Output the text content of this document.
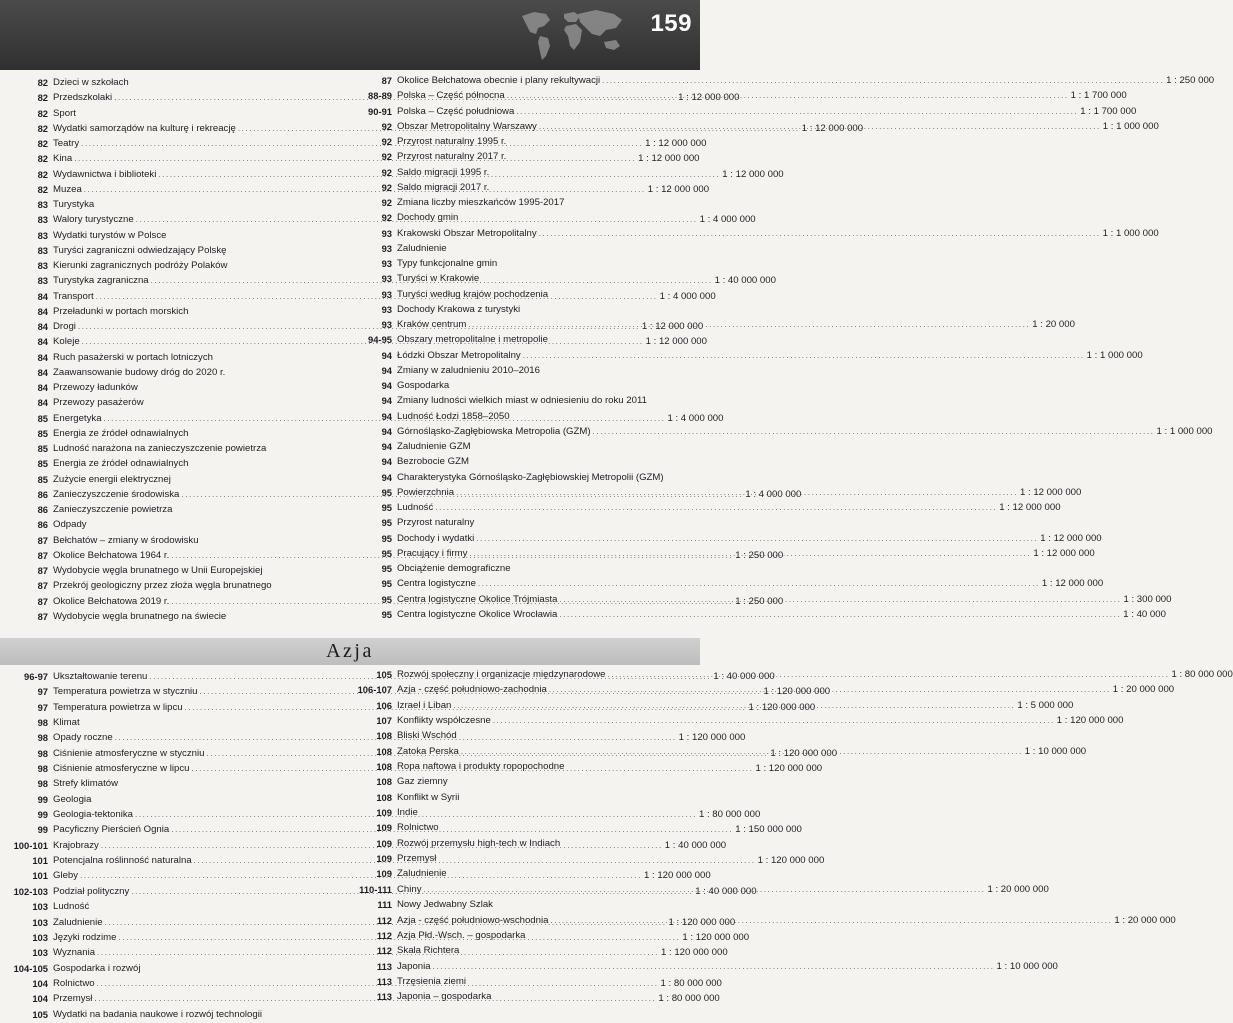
159
82 Dzieci w szkołach
82 Przedszkolaki .....	1 : 12 000 000
82 Sport
82 Wydatki samorządów na kulturę i rekreację .....	1 : 12 000 000
82 Teatry .....	1 : 12 000 000
82 Kina .....	1 : 12 000 000
82 Wydawnictwa i biblioteki .....	1 : 12 000 000
82 Muzea .....	1 : 12 000 000
83 Turystyka
83 Walory turystyczne .....	1 : 4 000 000
83 Wydatki turystów w Polsce
83 Turyści zagraniczni odwiedzający Polskę
83 Kierunki zagranicznych podróży Polaków
83 Turystyka zagraniczna .....	1 : 40 000 000
84 Transport .....	1 : 4 000 000
84 Przeładunki w portach morskich
84 Drogi .....	1 : 12 000 000
84 Koleje .....	1 : 12 000 000
84 Ruch pasażerski w portach lotniczych
84 Zaawansowanie budowy dróg do 2020 r.
84 Przewozy ładunków
84 Przewozy pasażerów
85 Energetyka .....	1 : 4 000 000
85 Energia ze źródeł odnawialnych
85 Ludność narażona na zanieczyszczenie powietrza
85 Energia ze źródeł odnawialnych
85 Zużycie energii elektrycznej
86 Zanieczyszczenie środowiska .....	1 : 4 000 000
86 Zanieczyszczenie powietrza
86 Odpady
87 Bełchatów – zmiany w środowisku
87 Okolice Bełchatowa 1964 r. .....	1 : 250 000
87 Wydobycie węgla brunatnego w Unii Europejskiej
87 Przekrój geologiczny przez złoża węgla brunatnego
87 Okolice Bełchatowa 2019 r. .....	1 : 250 000
87 Wydobycie węgla brunatnego na świecie
87 Okolice Bełchatowa obecnie i plany rekultywacji .....	1 : 250 000
88-89 Polska – Część północna .....	1 : 1 700 000
90-91 Polska – Część południowa .....	1 : 1 700 000
92 Obszar Metropolitalny Warszawy .....	1 : 1 000 000
92 Przyrost naturalny 1995 r.
92 Przyrost naturalny 2017 r.
92 Saldo migracji 1995 r.
92 Saldo migracji 2017 r.
92 Zmiana liczby mieszkańców 1995-2017
92 Dochody gmin
93 Krakowski Obszar Metropolitalny .....	1 : 1 000 000
93 Zaludnienie
93 Typy funkcjonalne gmin
93 Turyści w Krakowie
93 Turyści według krajów pochodzenia
93 Dochody Krakowa z turystyki
93 Kraków centrum .....	1 : 20 000
94-95 Obszary metropolitalne i metropolie
94 Łódzki Obszar Metropolitalny .....	1 : 1 000 000
94 Zmiany w zaludnieniu 2010–2016
94 Gospodarka
94 Zmiany ludności wielkich miast w odniesieniu do roku 2011
94 Ludność Łodzi 1858–2050
94 Górnośląsko-Zagłębiowska Metropolia (GZM) .....	1 : 1 000 000
94 Zaludnienie GZM
94 Bezrobocie GZM
94 Charakterystyka Górnośląsko-Zagłębiowskiej Metropolii (GZM)
95 Powierzchnia .....	1 : 12 000 000
95 Ludność .....	1 : 12 000 000
95 Przyrost naturalny
95 Dochody i wydatki .....	1 : 12 000 000
95 Pracujący i firmy .....	1 : 12 000 000
95 Obciążenie demograficzne
95 Centra logistyczne .....	1 : 12 000 000
95 Centra logistyczne Okolice Trójmiasta .....	1 : 300 000
95 Centra logistyczne Okolice Wrocławia .....	1 : 40 000
Azja
96-97 Ukształtowanie terenu .....	1 : 40 000 000
97 Temperatura powietrza w styczniu .....	1 : 120 000 000
97 Temperatura powietrza w lipcu .....	1 : 120 000 000
98 Klimat
98 Opady roczne .....	1 : 120 000 000
98 Ciśnienie atmosferyczne w styczniu .....	1 : 120 000 000
98 Ciśnienie atmosferyczne w lipcu .....	1 : 120 000 000
98 Strefy klimatów
99 Geologia
99 Geologia-tektonika .....	1 : 80 000 000
99 Pacyficzny Pierścień Ognia .....	1 : 150 000 000
100-101 Krajobrazy .....	1 : 40 000 000
101 Potencjalna roślinność naturalna .....	1 : 120 000 000
101 Gleby .....	1 : 120 000 000
102-103 Podział polityczny .....	1 : 40 000 000
103 Ludność
103 Zaludnienie .....	1 : 120 000 000
103 Języki rodzime .....	1 : 120 000 000
103 Wyznania .....	1 : 120 000 000
104-105 Gospodarka i rozwój
104 Rolnictwo .....	1 : 80 000 000
104 Przemysł .....	1 : 80 000 000
105 Wydatki na badania naukowe i rozwój technologii
105 Rozwój społeczny i organizacje międzynarodowe .....	1 : 80 000 000
106-107 Azja - część południowo-zachodnia .....	1 : 20 000 000
106 Izrael i Liban .....	1 : 5 000 000
107 Konflikty współczesne .....	1 : 120 000 000
108 Bliski Wschód
108 Zatoka Perska .....	1 : 10 000 000
108 Ropa naftowa i produkty ropopochodne
108 Gaz ziemny
108 Konflikt w Syrii
109 Indie
109 Rolnictwo
109 Rozwój przemysłu high-tech w Indiach
109 Przemysł
109 Zaludnienie
110-111 Chiny .....	1 : 20 000 000
111 Nowy Jedwabny Szlak
112 Azja - część południowo-wschodnia .....	1 : 20 000 000
112 Azja Płd.-Wsch. – gospodarka
112 Skala Richtera
113 Japonia .....	1 : 10 000 000
113 Trzęsienia ziemi
113 Japonia – gospodarka
